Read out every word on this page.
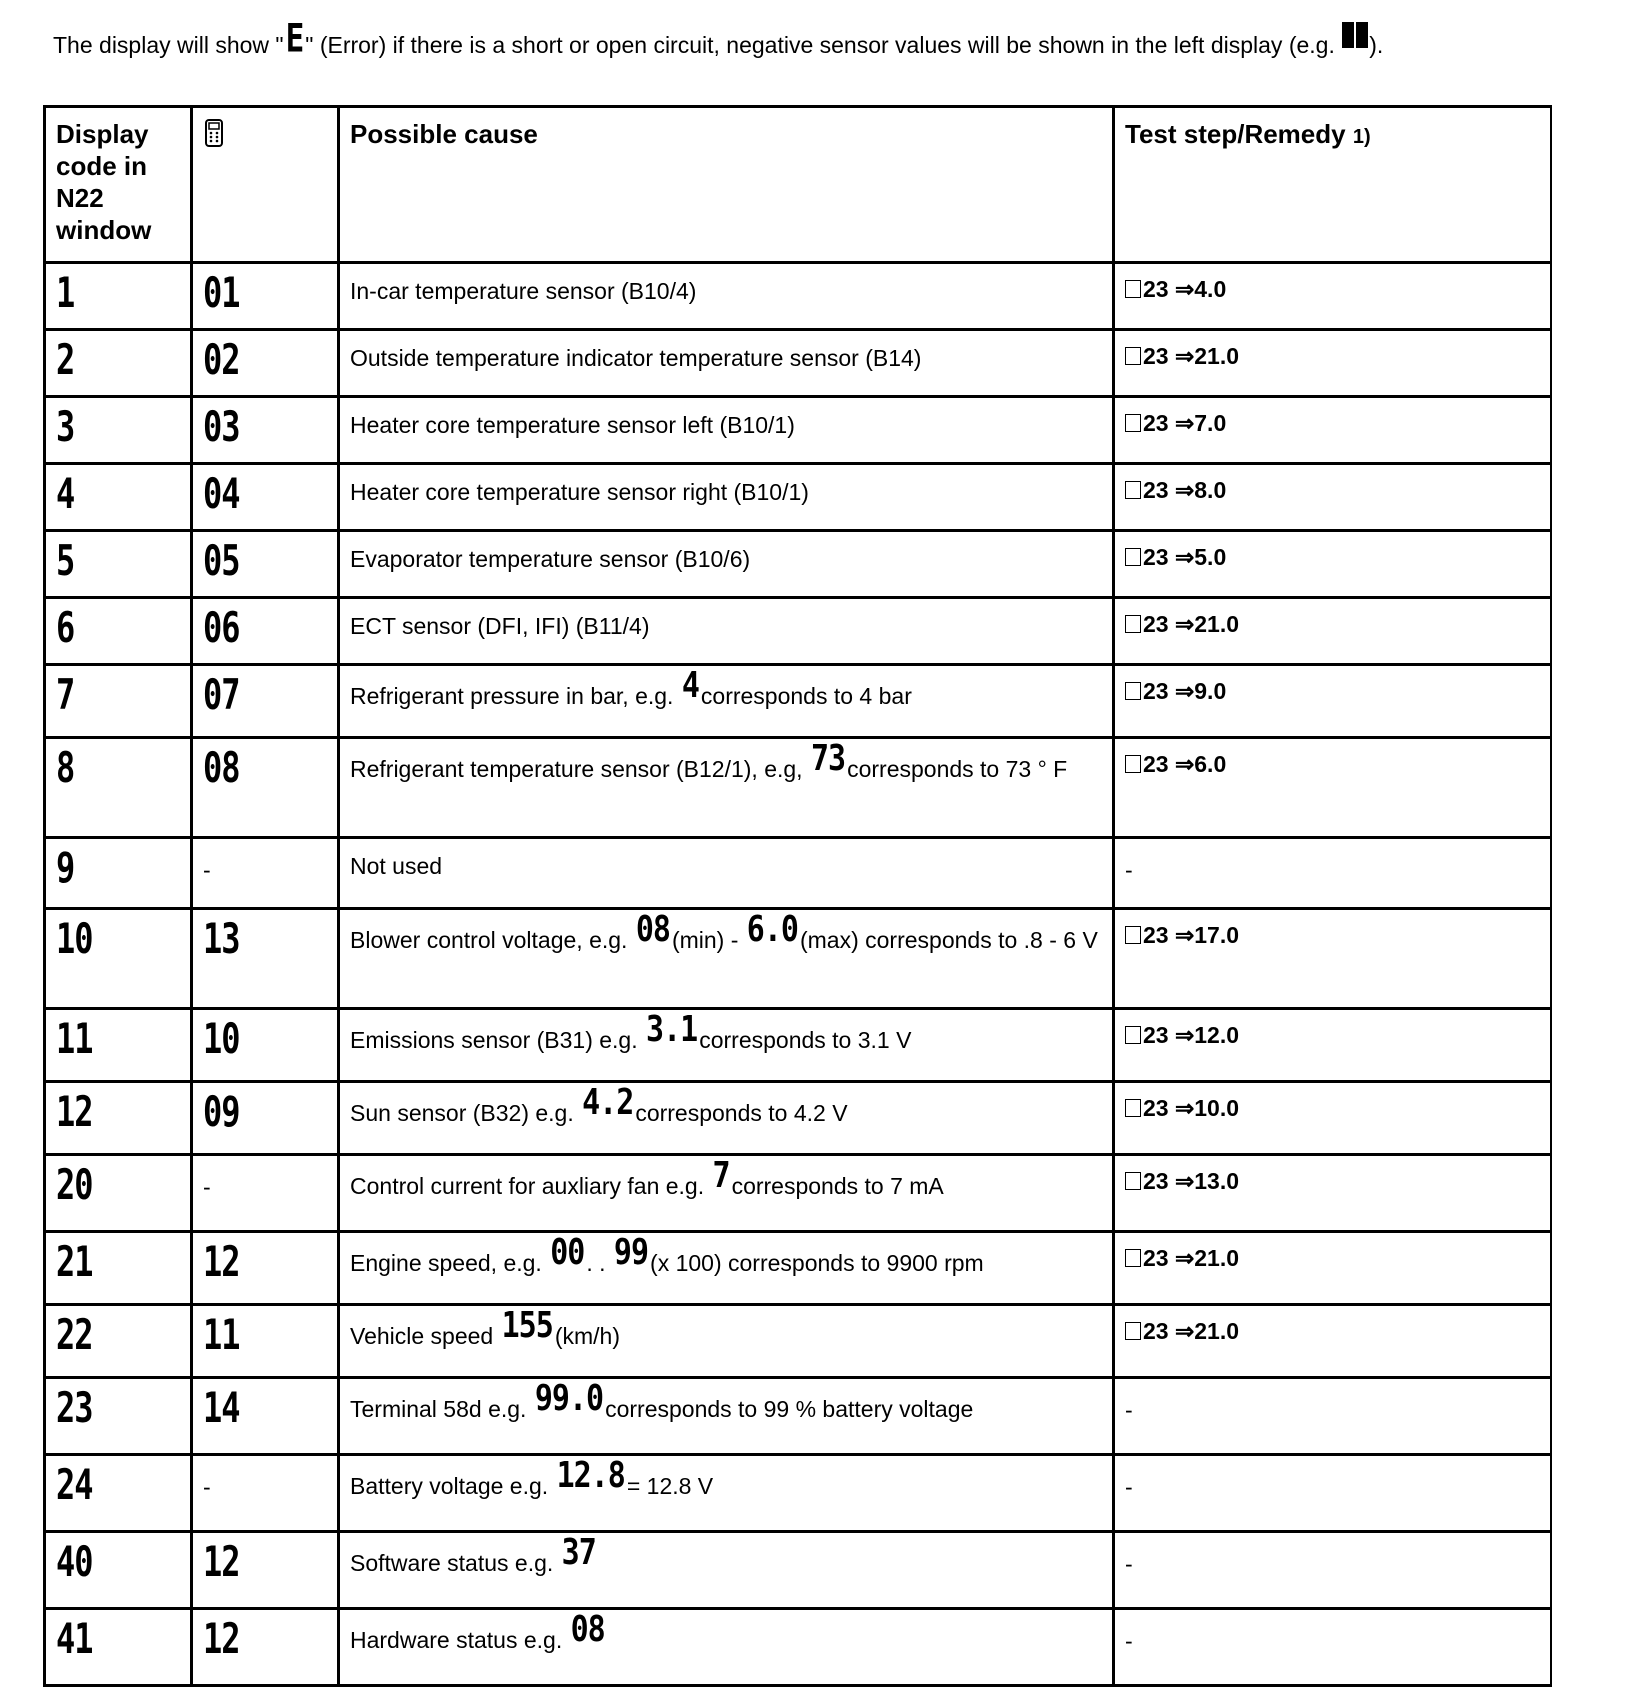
The display will show "E" (Error) if there is a short or open circuit, negative sensor values will be shown in the left display (e.g. ).
Display code in N22 window		Possible cause	Test step/Remedy 1)
1	01	In-car temperature sensor (B10/4)	23 ⇒4.0
2	02	Outside temperature indicator temperature sensor (B14)	23 ⇒21.0
3	03	Heater core temperature sensor left (B10/1)	23 ⇒7.0
4	04	Heater core temperature sensor right (B10/1)	23 ⇒8.0
5	05	Evaporator temperature sensor (B10/6)	23 ⇒5.0
6	06	ECT sensor (DFI, IFI) (B11/4)	23 ⇒21.0
7	07	Refrigerant pressure in bar, e.g. 4corresponds to 4 bar	23 ⇒9.0
8	08	Refrigerant temperature sensor (B12/1), e.g, 73corresponds to 73 ° F	23 ⇒6.0
9	-	Not used	-
10	13	Blower control voltage, e.g. 08(min) - 6.0(max) corresponds to .8 - 6 V	23 ⇒17.0
11	10	Emissions sensor (B31) e.g. 3.1corresponds to 3.1 V	23 ⇒12.0
12	09	Sun sensor (B32) e.g. 4.2corresponds to 4.2 V	23 ⇒10.0
20	-	Control current for auxliary fan e.g. 7corresponds to 7 mA	23 ⇒13.0
21	12	Engine speed, e.g. 00. . 99(x 100) corresponds to 9900 rpm	23 ⇒21.0
22	11	Vehicle speed 155(km/h)	23 ⇒21.0
23	14	Terminal 58d e.g. 99.0corresponds to 99 % battery voltage	-
24	-	Battery voltage e.g. 12.8= 12.8 V	-
40	12	Software status e.g. 37	-
41	12	Hardware status e.g. 08	-
